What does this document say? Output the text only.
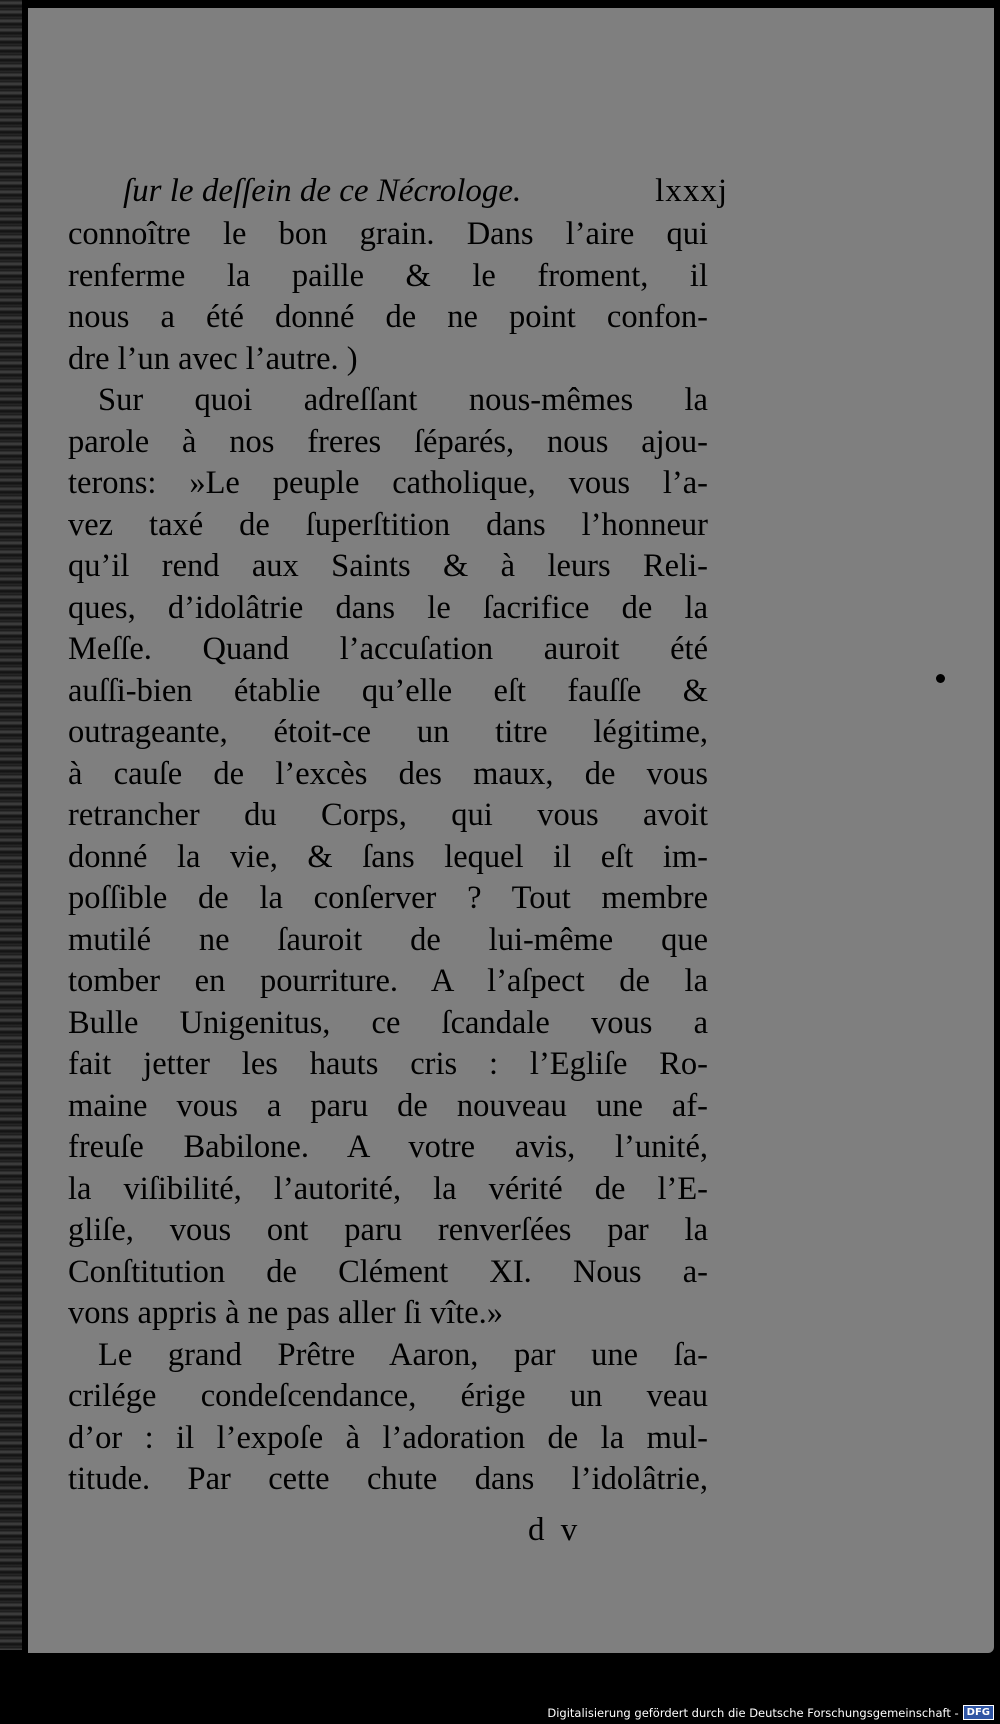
ſur le deſſein de ce Nécrologe.	lxxxj
connoître le bon grain. Dans l’aire qui
renferme la paille & le froment, il
nous a été donné de ne point confon-
dre l’un avec l’autre. )
Sur quoi adreſſant nous-mêmes la
parole à nos freres ſéparés, nous ajou-
terons: »Le peuple catholique, vous l’a-
vez taxé de ſuperſtition dans l’honneur
qu’il rend aux Saints & à leurs Reli-
ques, d’idolâtrie dans le ſacrifice de la
Meſſe. Quand l’accuſation auroit été
auſſi-bien établie qu’elle eſt fauſſe &
outrageante, étoit-ce un titre légitime,
à cauſe de l’excès des maux, de vous
retrancher du Corps, qui vous avoit
donné la vie, & ſans lequel il eſt im-
poſſible de la conſerver ? Tout membre
mutilé ne ſauroit de lui-même que
tomber en pourriture. A l’aſpect de la
Bulle Unigenitus, ce ſcandale vous a
fait jetter les hauts cris : l’Egliſe Ro-
maine vous a paru de nouveau une af-
freuſe Babilone. A votre avis, l’unité,
la viſibilité, l’autorité, la vérité de l’E-
gliſe, vous ont paru renverſées par la
Conſtitution de Clément XI. Nous a-
vons appris à ne pas aller ſi vîte.»
Le grand Prêtre Aaron, par une ſa-
crilége condeſcendance, érige un veau
d’or : il l’expoſe à l’adoration de la mul-
titude. Par cette chute dans l’idolâtrie,
d v
Digitalisierung gefördert durch die Deutsche Forschungsgemeinschaft - DFG
